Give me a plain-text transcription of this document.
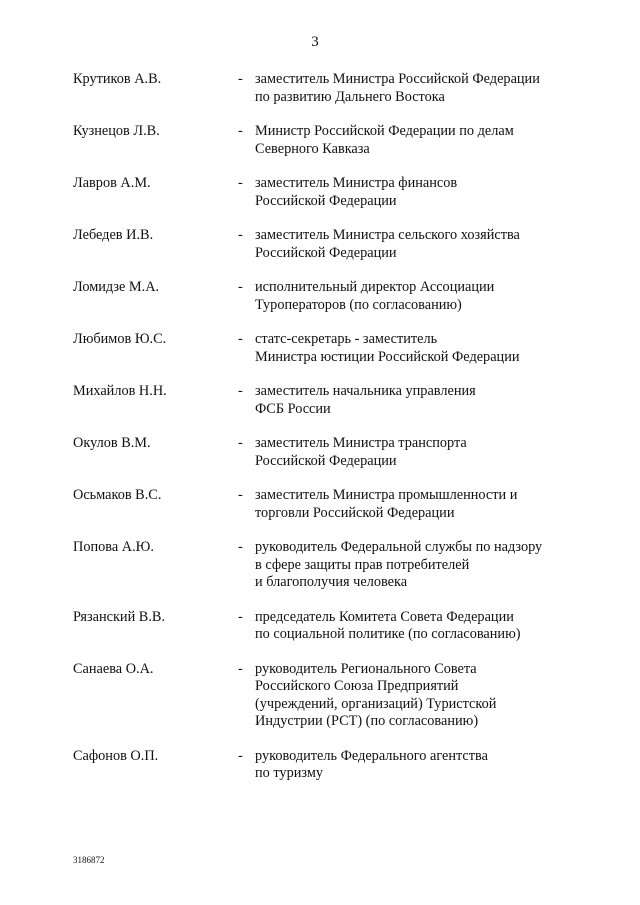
3
Крутиков А.В.	- заместитель Министра Российской Федерации
по развитию Дальнего Востока
Кузнецов Л.В.	- Министр Российской Федерации по делам
Северного Кавказа
Лавров А.М.	- заместитель Министра финансов
Российской Федерации
Лебедев И.В.	- заместитель Министра сельского хозяйства
Российской Федерации
Ломидзе М.А.	- исполнительный директор Ассоциации
Туроператоров (по согласованию)
Любимов Ю.С.	- статс-секретарь - заместитель
Министра юстиции Российской Федерации
Михайлов Н.Н.	- заместитель начальника управления
ФСБ России
Окулов В.М.	- заместитель Министра транспорта
Российской Федерации
Осьмаков В.С.	- заместитель Министра промышленности и
торговли Российской Федерации
Попова А.Ю.	- руководитель Федеральной службы по надзору
в сфере защиты прав потребителей
и благополучия человека
Рязанский В.В.	- председатель Комитета Совета Федерации
по социальной политике (по согласованию)
Санаева О.А.	- руководитель Регионального Совета
Российского Союза Предприятий
(учреждений, организаций) Туристской
Индустрии (РСТ) (по согласованию)
Сафонов О.П.	- руководитель Федерального агентства
по туризму
3186872
